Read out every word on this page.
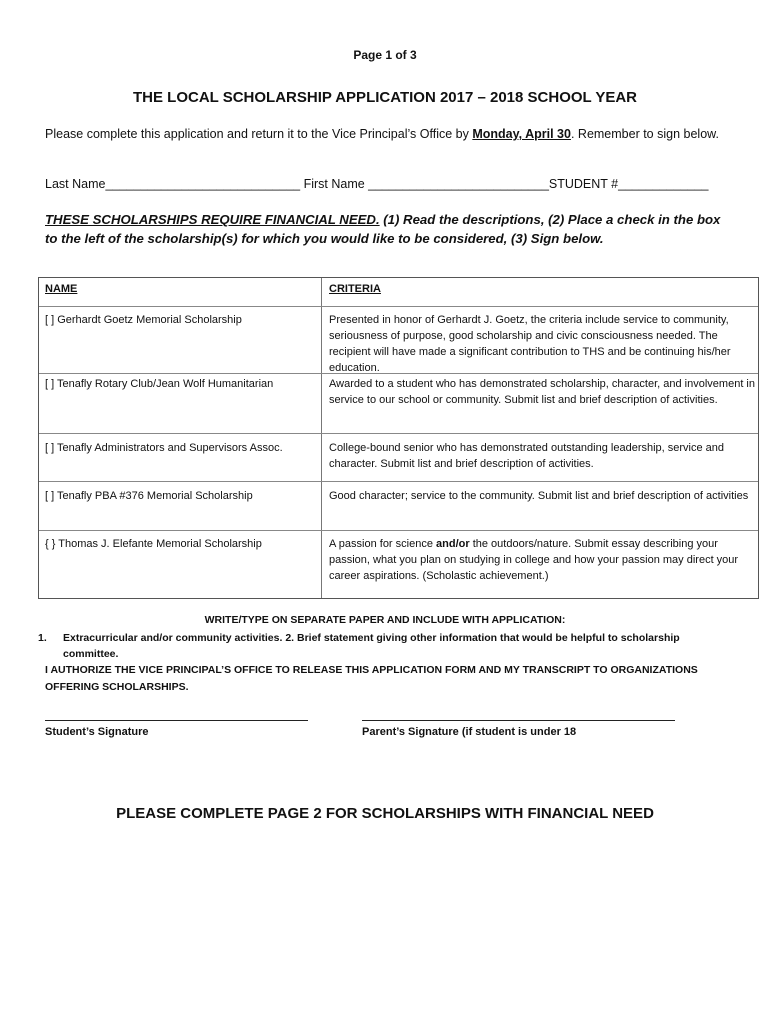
Page 1 of 3
THE LOCAL SCHOLARSHIP APPLICATION 2017 – 2018 SCHOOL YEAR
Please complete this application and return it to the Vice Principal’s Office by Monday, April 30. Remember to sign below.
Last Name____________________________ First Name __________________________STUDENT #_____________
THESE SCHOLARSHIPS REQUIRE FINANCIAL NEED. (1) Read the descriptions, (2) Place a check in the box to the left of the scholarship(s) for which you would like to be considered, (3) Sign below.
NAME	CRITERIA
[ ] Gerhardt Goetz Memorial Scholarship	Presented in honor of Gerhardt J. Goetz, the criteria include service to community, seriousness of purpose, good scholarship and civic consciousness needed. The recipient will have made a significant contribution to THS and be continuing his/her education.
[ ] Tenafly Rotary Club/Jean Wolf Humanitarian	Awarded to a student who has demonstrated scholarship, character, and involvement in service to our school or community. Submit list and brief description of activities.
[ ] Tenafly Administrators and Supervisors Assoc.	College-bound senior who has demonstrated outstanding leadership, service and character. Submit list and brief description of activities.
[ ] Tenafly PBA #376 Memorial Scholarship	Good character; service to the community. Submit list and brief description of activities
{ } Thomas J. Elefante Memorial Scholarship	A passion for science and/or the outdoors/nature. Submit essay describing your passion, what you plan on studying in college and how your passion may direct your career aspirations. (Scholastic achievement.)
WRITE/TYPE ON SEPARATE PAPER AND INCLUDE WITH APPLICATION:
1. Extracurricular and/or community activities. 2. Brief statement giving other information that would be helpful to scholarship committee.
I AUTHORIZE THE VICE PRINCIPAL’S OFFICE TO RELEASE THIS APPLICATION FORM AND MY TRANSCRIPT TO ORGANIZATIONS OFFERING SCHOLARSHIPS.
Student’s Signature	Parent’s Signature (if student is under 18
PLEASE COMPLETE PAGE 2 FOR SCHOLARSHIPS WITH FINANCIAL NEED
